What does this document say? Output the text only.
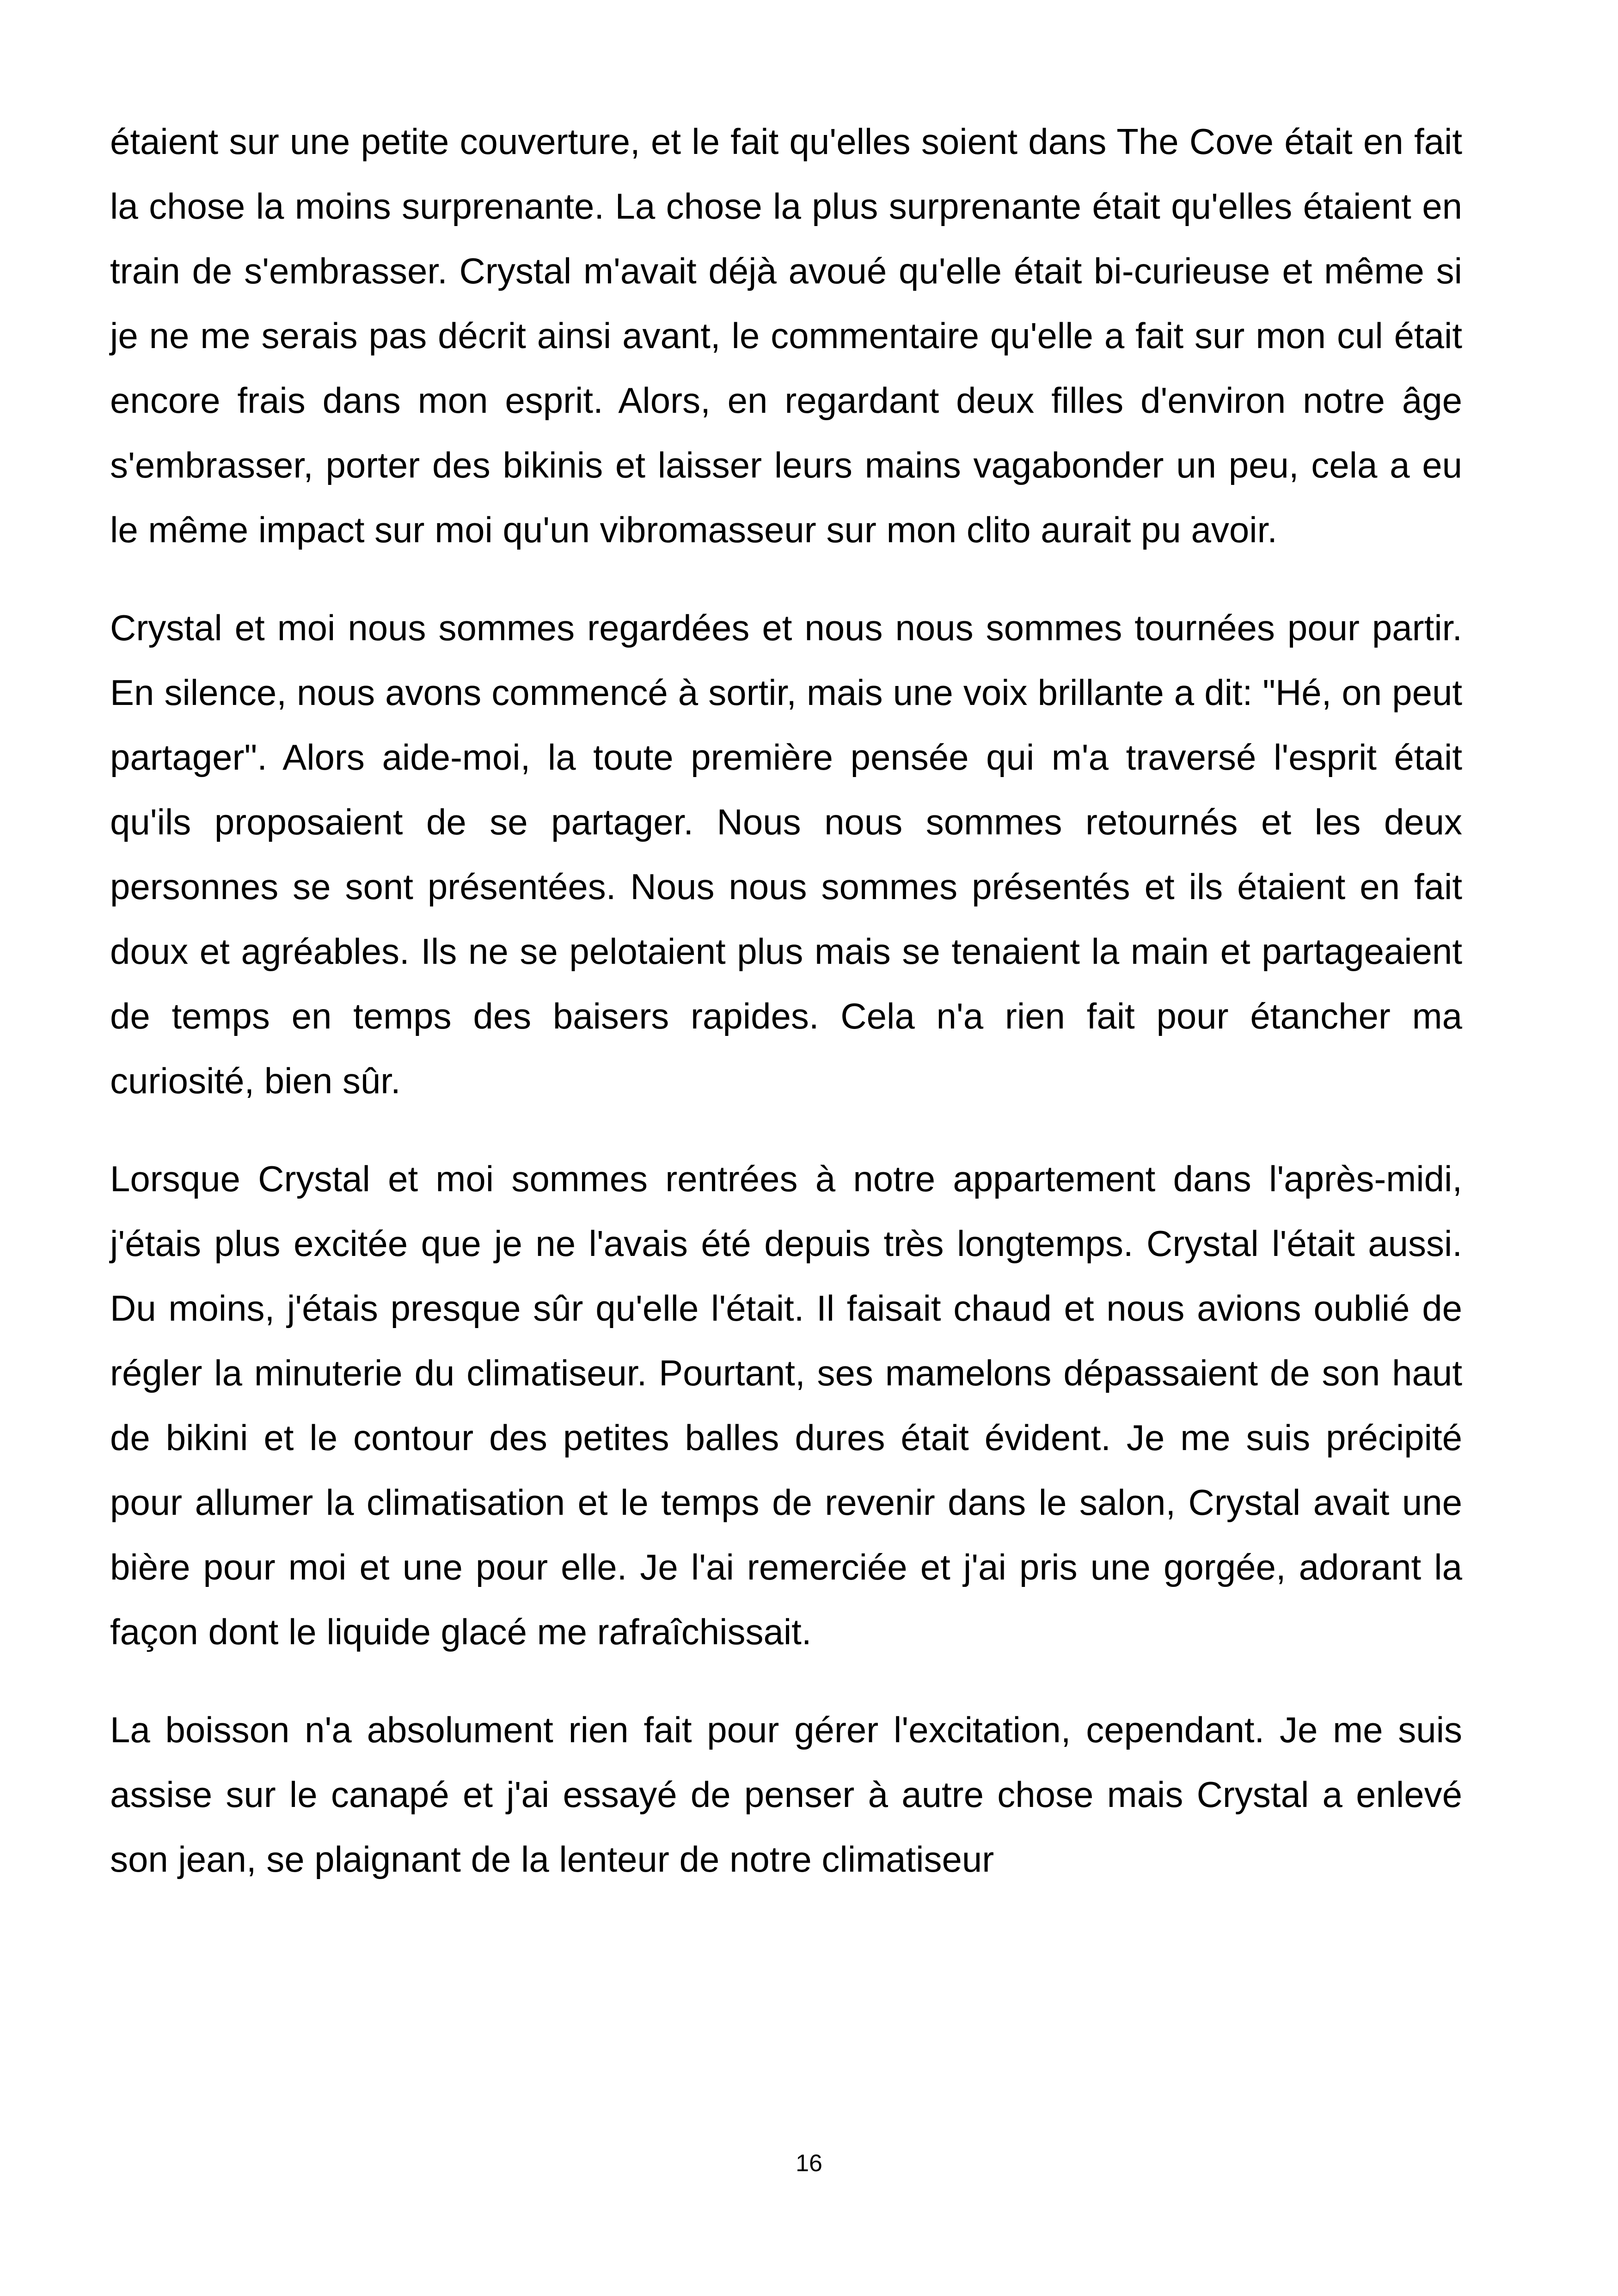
étaient sur une petite couverture, et le fait qu'elles soient dans The Cove était en fait la chose la moins surprenante. La chose la plus surprenante était qu'elles étaient en train de s'embrasser. Crystal m'avait déjà avoué qu'elle était bi-curieuse et même si je ne me serais pas décrit ainsi avant, le commentaire qu'elle a fait sur mon cul était encore frais dans mon esprit. Alors, en regardant deux filles d'environ notre âge s'embrasser, porter des bikinis et laisser leurs mains vagabonder un peu, cela a eu le même impact sur moi qu'un vibromasseur sur mon clito aurait pu avoir.

Crystal et moi nous sommes regardées et nous nous sommes tournées pour partir. En silence, nous avons commencé à sortir, mais une voix brillante a dit: "Hé, on peut partager". Alors aide-moi, la toute première pensée qui m'a traversé l'esprit était qu'ils proposaient de se partager. Nous nous sommes retournés et les deux personnes se sont présentées. Nous nous sommes présentés et ils étaient en fait doux et agréables. Ils ne se pelotaient plus mais se tenaient la main et partageaient de temps en temps des baisers rapides. Cela n'a rien fait pour étancher ma curiosité, bien sûr.

Lorsque Crystal et moi sommes rentrées à notre appartement dans l'après-midi, j'étais plus excitée que je ne l'avais été depuis très longtemps. Crystal l'était aussi. Du moins, j'étais presque sûr qu'elle l'était. Il faisait chaud et nous avions oublié de régler la minuterie du climatiseur. Pourtant, ses mamelons dépassaient de son haut de bikini et le contour des petites balles dures était évident. Je me suis précipité pour allumer la climatisation et le temps de revenir dans le salon, Crystal avait une bière pour moi et une pour elle. Je l'ai remerciée et j'ai pris une gorgée, adorant la façon dont le liquide glacé me rafraîchissait.

La boisson n'a absolument rien fait pour gérer l'excitation, cependant. Je me suis assise sur le canapé et j'ai essayé de penser à autre chose mais Crystal a enlevé son jean, se plaignant de la lenteur de notre climatiseur

16
